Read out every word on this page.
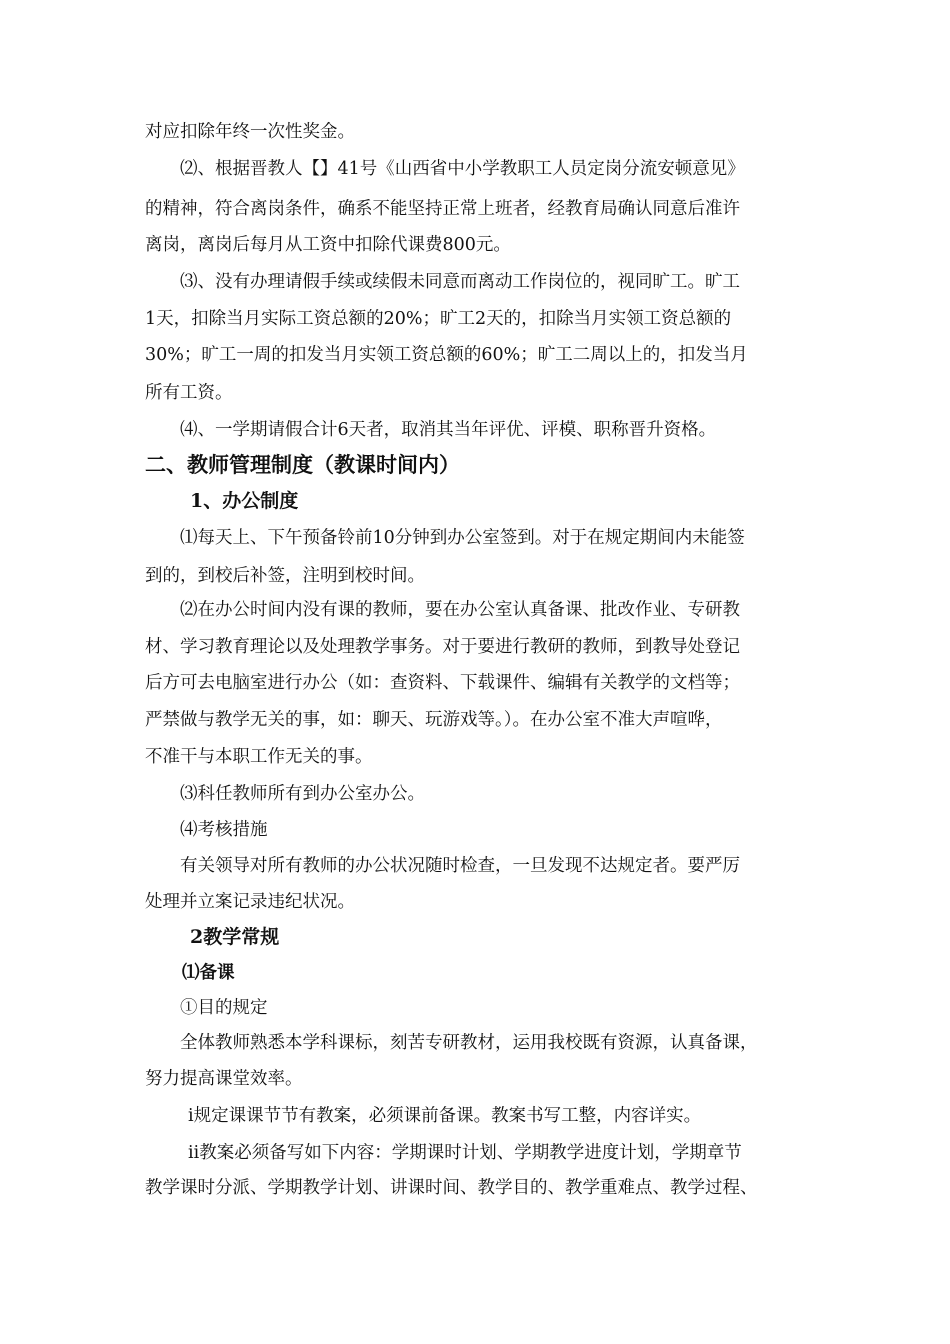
对应扣除年终一次性奖金。
⑵、根据晋教人【】41号《山西省中小学教职工人员定岗分流安顿意见》
的精神，符合离岗条件，确系不能坚持正常上班者，经教育局确认同意后准许
离岗，离岗后每月从工资中扣除代课费800元。
⑶、没有办理请假手续或续假未同意而离动工作岗位的，视同旷工。旷工
1天，扣除当月实际工资总额的20%；旷工2天的，扣除当月实领工资总额的
30%；旷工一周的扣发当月实领工资总额的60%；旷工二周以上的，扣发当月
所有工资。
⑷、一学期请假合计6天者，取消其当年评优、评模、职称晋升资格。
二、教师管理制度（教课时间内）
1、办公制度
⑴每天上、下午预备铃前10分钟到办公室签到。对于在规定期间内未能签
到的，到校后补签，注明到校时间。
⑵在办公时间内没有课的教师，要在办公室认真备课、批改作业、专研教
材、学习教育理论以及处理教学事务。对于要进行教研的教师，到教导处登记
后方可去电脑室进行办公（如：查资料、下载课件、编辑有关教学的文档等；
严禁做与教学无关的事，如：聊天、玩游戏等。）。在办公室不准大声喧哗，
不准干与本职工作无关的事。
⑶科任教师所有到办公室办公。
⑷考核措施
有关领导对所有教师的办公状况随时检查，一旦发现不达规定者。要严厉
处理并立案记录违纪状况。
2教学常规
⑴备课
①目的规定
全体教师熟悉本学科课标，刻苦专研教材，运用我校既有资源，认真备课，
努力提高课堂效率。
ⅰ规定课课节节有教案，必须课前备课。教案书写工整，内容详实。
ⅱ教案必须备写如下内容：学期课时计划、学期教学进度计划，学期章节
教学课时分派、学期教学计划、讲课时间、教学目的、教学重难点、教学过程、
